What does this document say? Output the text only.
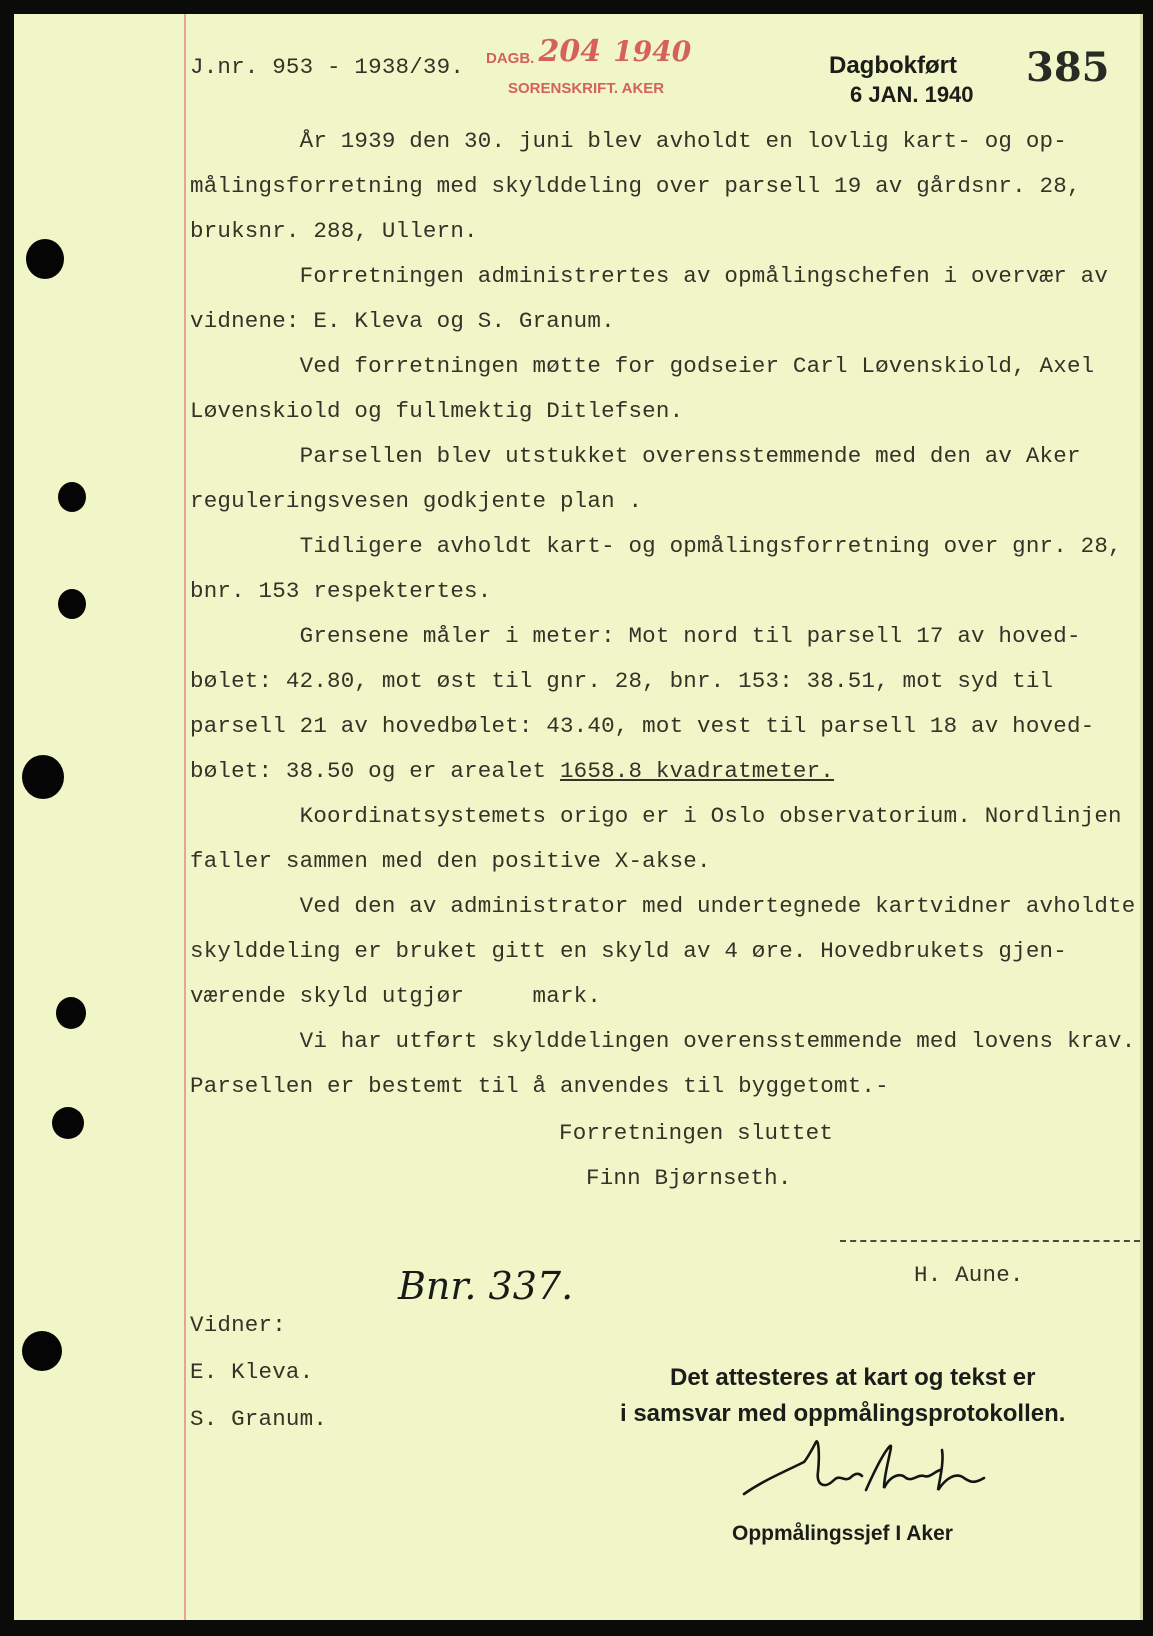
J.nr. 953 - 1938/39. DAGB. 204 1940
SORENSKRIFT. AKER
Dagbokført
6 JAN. 1940
385
År 1939 den 30. juni blev avholdt en lovlig kart- og op-
målingsforretning med skylddeling over parsell 19 av gårdsnr. 28,
bruksnr. 288, Ullern.
Forretningen administrertes av opmålingschefen i overvær av
vidnene: E. Kleva og S. Granum.
Ved forretningen møtte for godseier Carl Løvenskiold, Axel
Løvenskiold og fullmektig Ditlefsen.
Parsellen blev utstukket overensstemmende med den av Aker
reguleringsvesen godkjente plan .
Tidligere avholdt kart- og opmålingsforretning over gnr. 28,
bnr. 153 respektertes.
Grensene måler i meter: Mot nord til parsell 17 av hoved-
bølet: 42.80, mot øst til gnr. 28, bnr. 153: 38.51, mot syd til
parsell 21 av hovedbølet: 43.40, mot vest til parsell 18 av hoved-
bølet: 38.50 og er arealet 1658.8 kvadratmeter.
Koordinatsystemets origo er i Oslo observatorium. Nordlinjen
faller sammen med den positive X-akse.
Ved den av administrator med undertegnede kartvidner avholdte
skylddeling er bruket gitt en skyld av 4 øre. Hovedbrukets gjen-
værende skyld utgjør     mark.
Vi har utført skylddelingen overensstemmende med lovens krav.
Parsellen er bestemt til å anvendes til byggetomt.-
Forretningen sluttet
Finn Bjørnseth.
H. Aune.
Bnr. 337.
Vidner:
E. Kleva.
S. Granum.
Det attesteres at kart og tekst er
i samsvar med oppmålingsprotokollen.
Oppmålingssjef I Aker
